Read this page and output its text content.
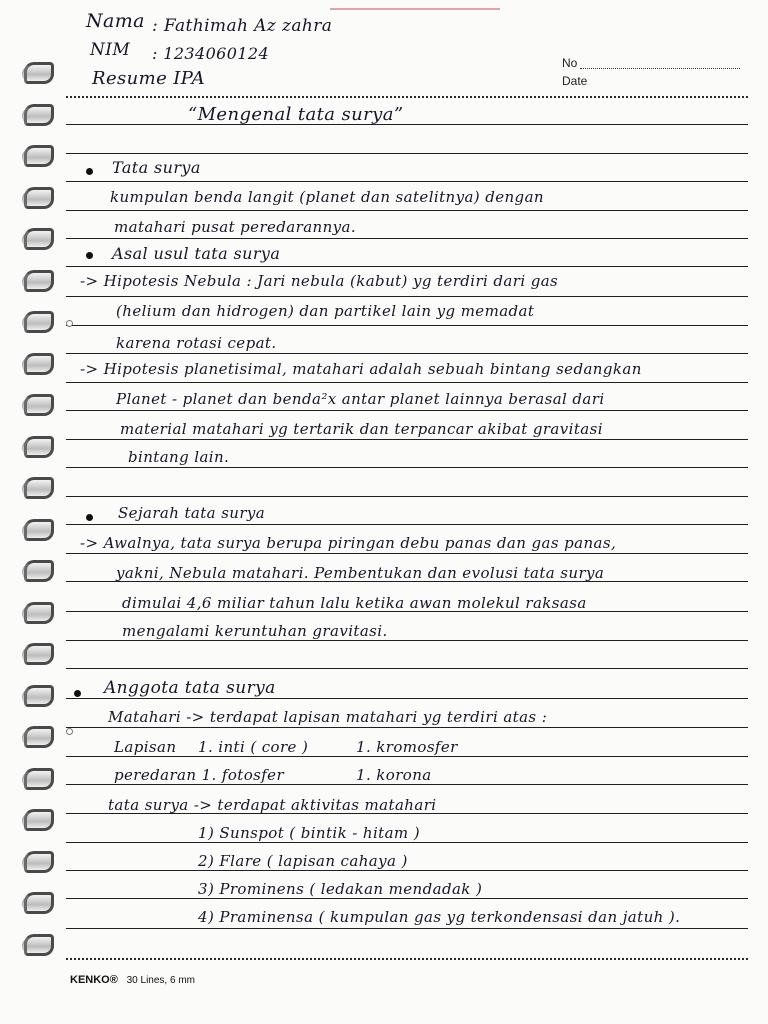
No
Date
Nama : Fathimah Az zahra
NIM : 1234060124
Resume IPA
“Mengenal tata surya”
Tata surya
kumpulan benda langit (planet dan satelitnya) dengan
matahari pusat peredarannya.
Asal usul tata surya
-> Hipotesis Nebula : Jari nebula (kabut) yg terdiri dari gas
(helium dan hidrogen) dan partikel lain yg memadat
karena rotasi cepat.
-> Hipotesis planetisimal, matahari adalah sebuah bintang sedangkan
Planet - planet dan benda²x antar planet lainnya berasal dari
material matahari yg tertarik dan terpancar akibat gravitasi
bintang lain.
Sejarah tata surya
-> Awalnya, tata surya berupa piringan debu panas dan gas panas,
yakni, Nebula matahari. Pembentukan dan evolusi tata surya
dimulai 4,6 miliar tahun lalu ketika awan molekul raksasa
mengalami keruntuhan gravitasi.
Anggota tata surya
Matahari -> terdapat lapisan matahari yg terdiri atas :
Lapisan 1. inti ( core )	1. kromosfer
peredaran 1. fotosfer	1. korona
tata surya -> terdapat aktivitas matahari
1) Sunspot ( bintik - hitam )
2) Flare ( lapisan cahaya )
3) Prominens ( ledakan mendadak )
4) Praminensa ( kumpulan gas yg terkondensasi dan jatuh ).
KENKO® 30 Lines, 6 mm
